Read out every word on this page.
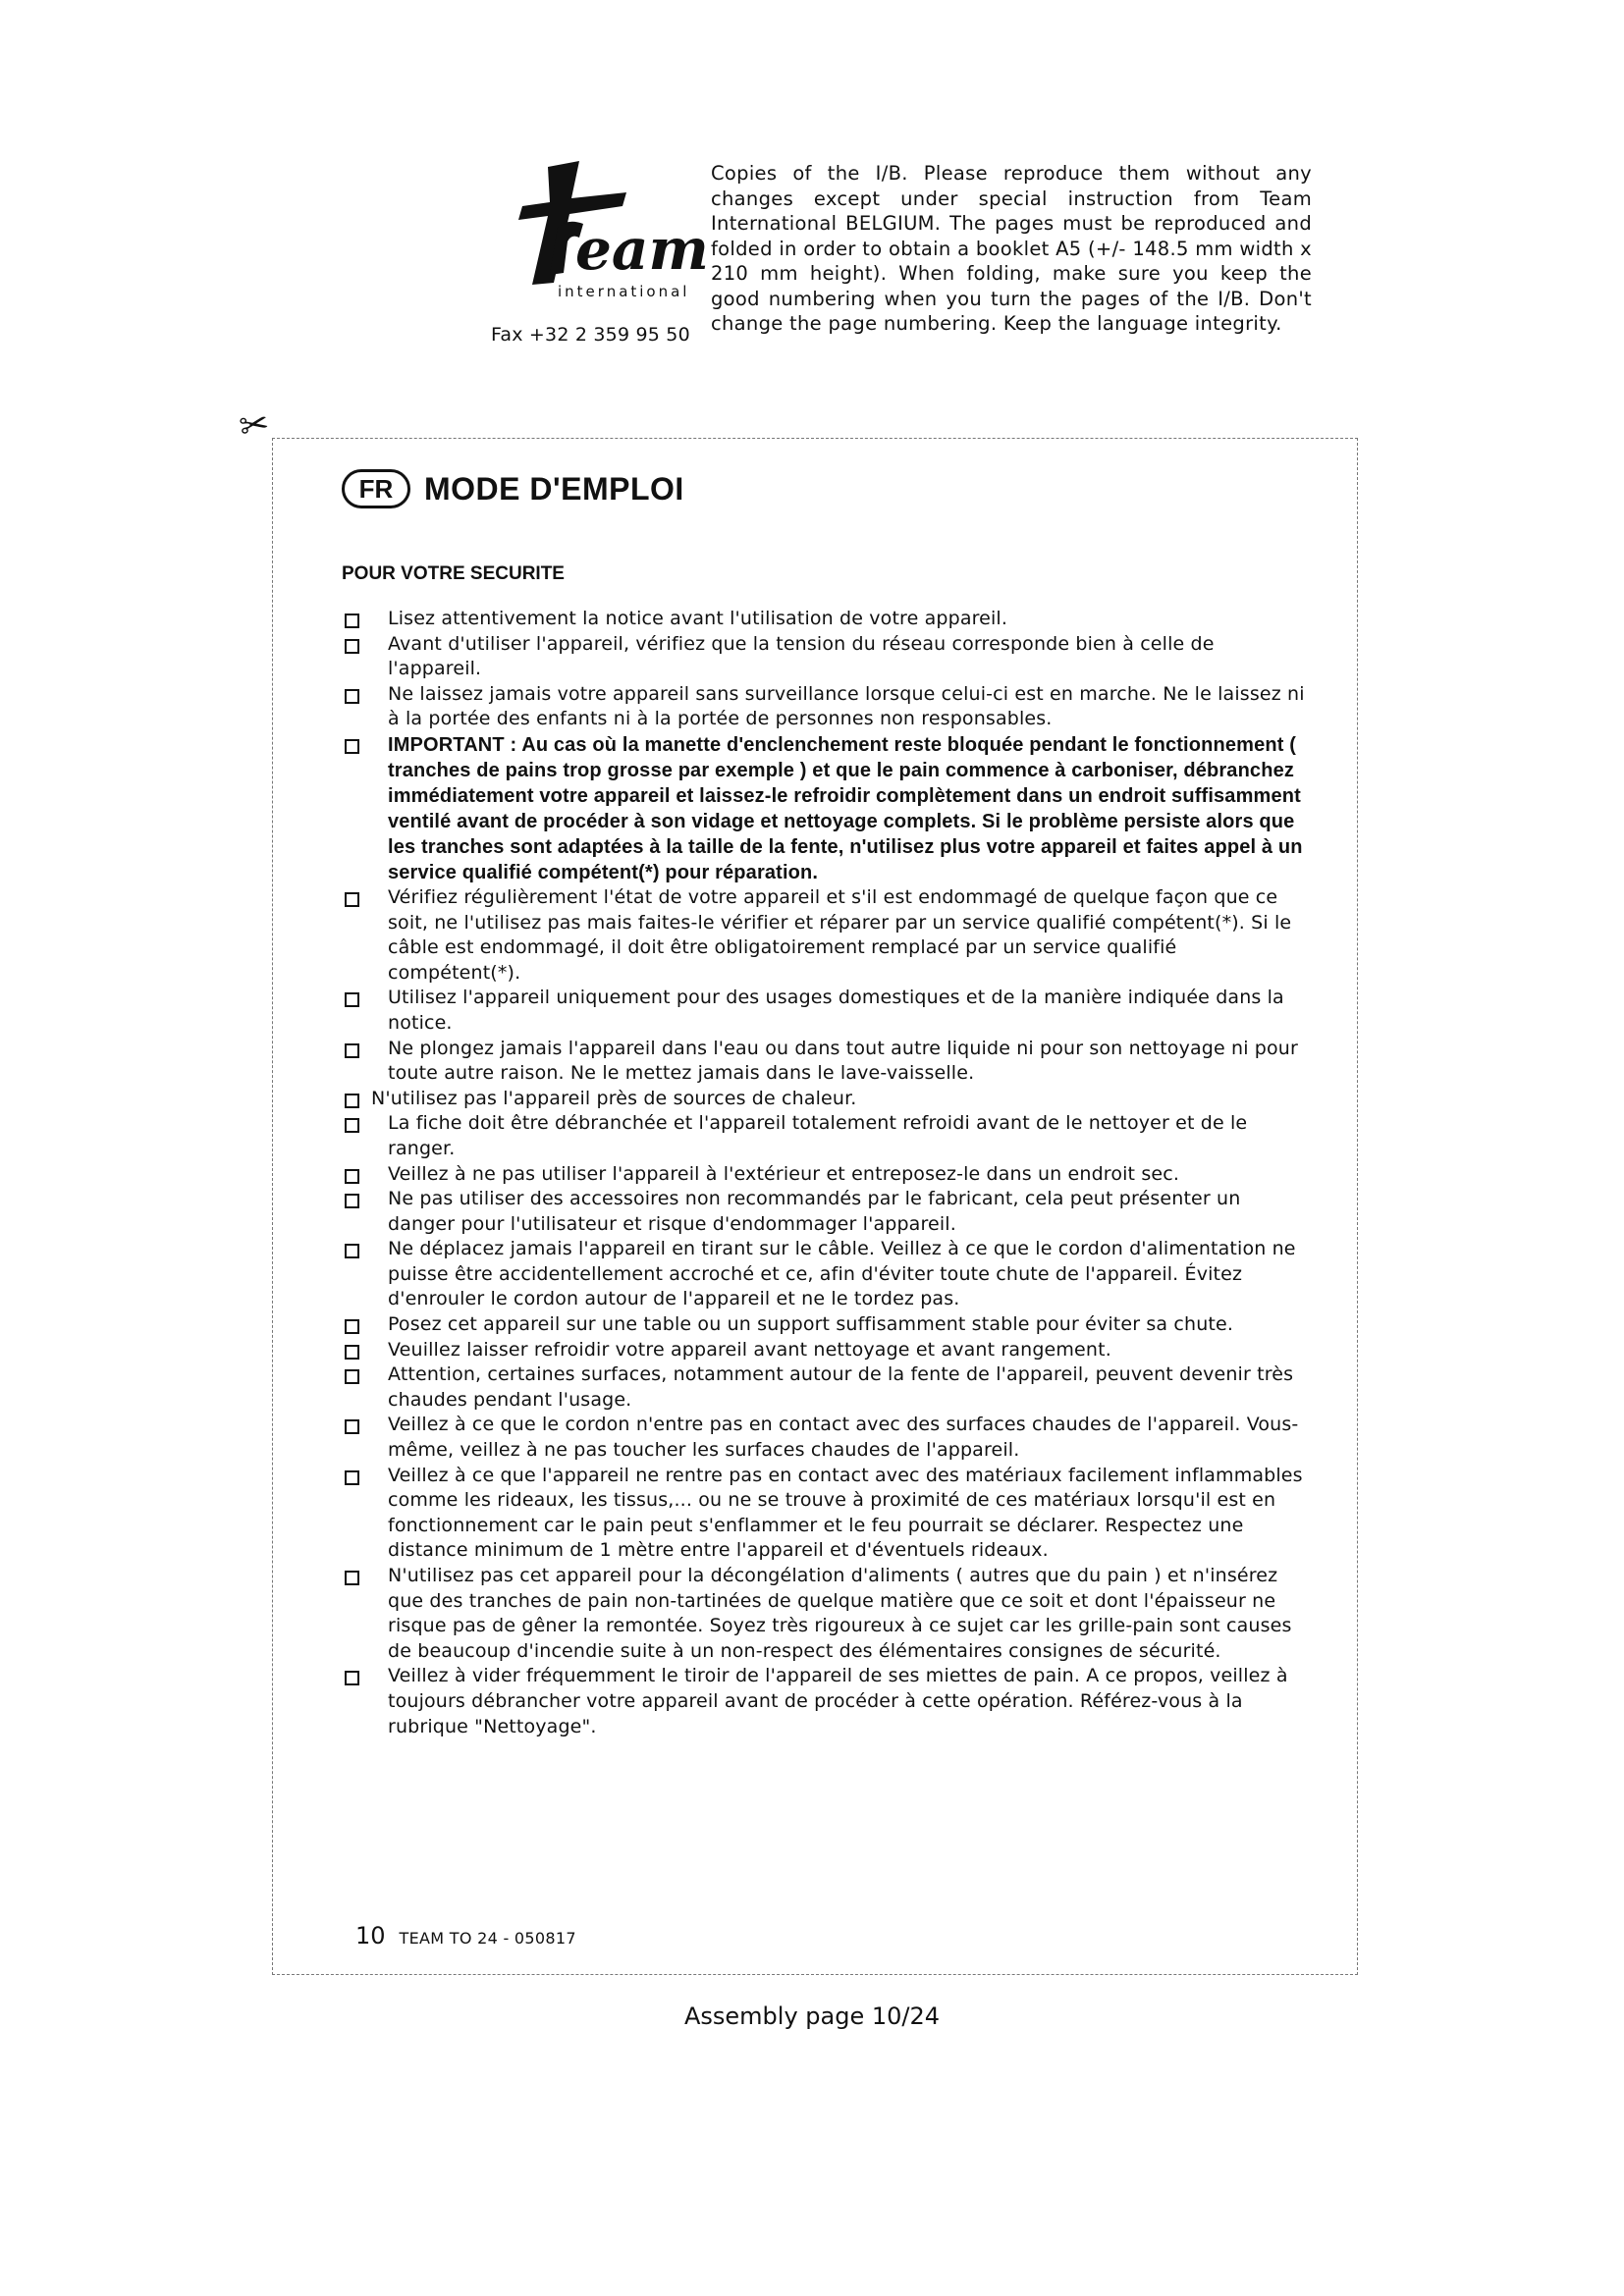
eam
international
Fax +32 2 359 95 50
Copies of the I/B. Please reproduce them without any changes except under special instruction from Team International BELGIUM. The pages must be reproduced and folded in order to obtain a booklet A5 (+/- 148.5 mm width x 210 mm height). When folding, make sure you keep the good numbering when you turn the pages of the I/B. Don't change the page numbering. Keep the language integrity.
✂
FR MODE D'EMPLOI
POUR VOTRE SECURITE
Lisez attentivement la notice avant l'utilisation de votre appareil.
Avant d'utiliser l'appareil, vérifiez que la tension du réseau corresponde bien à celle de l'appareil.
Ne laissez jamais votre appareil sans surveillance lorsque celui-ci est en marche. Ne le laissez ni à la portée des enfants ni à la portée de personnes non responsables.
IMPORTANT : Au cas où la manette d'enclenchement reste bloquée pendant le fonctionnement ( tranches de pains trop grosse par exemple ) et que le pain commence à carboniser, débranchez immédiatement votre appareil et laissez-le refroidir complètement dans un endroit suffisamment ventilé avant de procéder à son vidage et nettoyage complets. Si le problème persiste alors que les tranches sont adaptées à la taille de la fente, n'utilisez plus votre appareil et faites appel à un service qualifié compétent(*) pour réparation.
Vérifiez régulièrement l'état de votre appareil et s'il est endommagé de quelque façon que ce soit, ne l'utilisez pas mais faites-le vérifier et réparer par un service qualifié compétent(*). Si le câble est endommagé, il doit être obligatoirement remplacé par un service qualifié compétent(*).
Utilisez l'appareil uniquement pour des usages domestiques et de la manière indiquée dans la notice.
Ne plongez jamais l'appareil dans l'eau ou dans tout autre liquide ni pour son nettoyage ni pour toute autre raison. Ne le mettez jamais dans le lave-vaisselle.
N'utilisez pas l'appareil près de sources de chaleur.
La fiche doit être débranchée et l'appareil totalement refroidi avant de le nettoyer et de le ranger.
Veillez à ne pas utiliser l'appareil à l'extérieur et entreposez-le dans un endroit sec.
Ne pas utiliser des accessoires non recommandés par le fabricant, cela peut présenter un danger pour l'utilisateur et risque d'endommager l'appareil.
Ne déplacez jamais l'appareil en tirant sur le câble. Veillez à ce que le cordon d'alimentation ne puisse être accidentellement accroché et ce, afin d'éviter toute chute de l'appareil. Évitez d'enrouler le cordon autour de l'appareil et ne le tordez pas.
Posez cet appareil sur une table ou un support suffisamment stable pour éviter sa chute.
Veuillez laisser refroidir votre appareil avant nettoyage et avant rangement.
Attention, certaines surfaces, notamment autour de la fente de l'appareil, peuvent devenir très chaudes pendant l'usage.
Veillez à ce que le cordon n'entre pas en contact avec des surfaces chaudes de l'appareil. Vous-même, veillez à ne pas toucher les surfaces chaudes de l'appareil.
Veillez à ce que l'appareil ne rentre pas en contact avec des matériaux facilement inflammables comme les rideaux, les tissus,... ou ne se trouve à proximité de ces matériaux lorsqu'il est en fonctionnement car le pain peut s'enflammer et le feu pourrait se déclarer. Respectez une distance minimum de 1 mètre entre l'appareil et d'éventuels rideaux.
N'utilisez pas cet appareil pour la décongélation d'aliments ( autres que du pain ) et n'insérez que des tranches de pain non-tartinées de quelque matière que ce soit et dont l'épaisseur ne risque pas de gêner la remontée. Soyez très rigoureux à ce sujet car les grille-pain sont causes de beaucoup d'incendie suite à un non-respect des élémentaires consignes de sécurité.
Veillez à vider fréquemment le tiroir de l'appareil de ses miettes de pain. A ce propos, veillez à toujours débrancher votre appareil avant de procéder à cette opération. Référez-vous à la rubrique "Nettoyage".
10 TEAM TO 24 - 050817
Assembly page 10/24
